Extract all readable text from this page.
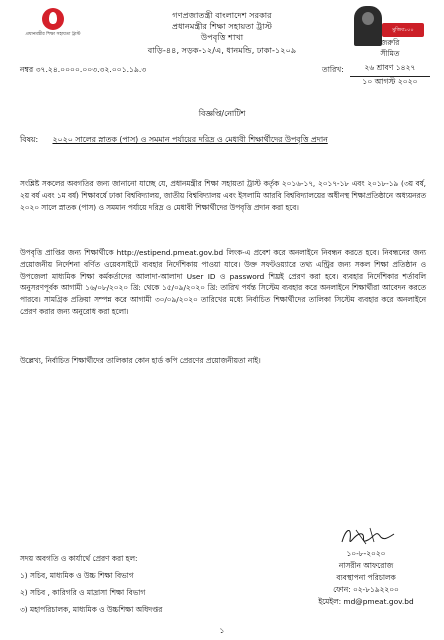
প্রধানমন্ত্রীর শিক্ষা সহায়তা ট্রাস্ট
মুজিব১০০
গণপ্রজাতন্ত্রী বাংলাদেশ সরকার
প্রধানমন্ত্রীর শিক্ষা সহায়তা ট্রাস্ট
উপবৃত্তি শাখা
বাড়ি-৪৪, সড়ক-১২/এ, ধানমন্ডি, ঢাকা-১২০৯
জরুরি
সীমিত
নম্বর ৩৭.২৪.০০০০.০০৩.৩২.০০১.১৯.৩	তারিখ:	২৬ শ্রাবণ ১৪২৭
১০ আগস্ট ২০২০
বিজ্ঞপ্তি/নোটিশ
বিষয়: ২০২০ সালের স্নাতক (পাস) ও সমমান পর্যায়ের দরিদ্র ও মেধাবী শিক্ষার্থীদের উপবৃত্তি প্রদান
সংশ্লিষ্ট সকলের অবগতির জন্য জানানো যাচ্ছে যে, প্রধানমন্ত্রীর শিক্ষা সহায়তা ট্রাস্ট কর্তৃক ২০১৬-১৭, ২০১৭-১৮ এবং ২০১৮-১৯ (৩য় বর্ষ, ২য় বর্ষ এবং ১ম বর্ষ) শিক্ষাবর্ষে ঢাকা বিশ্ববিদ্যালয়, জাতীয় বিশ্ববিদ্যালয় এবং ইসলামি আরবি বিশ্ববিদ্যালয়ের অধীনস্থ শিক্ষাপ্রতিষ্ঠানে অধ্যয়নরত ২০২০ সালে স্নাতক (পাস) ও সমমান পর্যায়ে দরিদ্র ও মেধাবী শিক্ষার্থীদের উপবৃত্তি প্রদান করা হবে।
উপবৃত্তি প্রাপ্তির জন্য শিক্ষার্থীকে http://estipend.pmeat.gov.bd লিংক-এ প্রবেশ করে অনলাইনে নিবন্ধন করতে হবে। নিবন্ধনের জন্য প্রয়োজনীয় নির্দেশনা বর্ণিত ওয়েবসাইটে ব্যবহার নির্দেশিকায় পাওয়া যাবে। উক্ত সফটওয়্যারে তথ্য এন্ট্রির জন্য সকল শিক্ষা প্রতিষ্ঠান ও উপজেলা মাধ্যমিক শিক্ষা কর্মকর্তাদের আলাদা-আলাদা User ID ও password শিঘ্রই প্রেরণ করা হবে। ব্যবহার নির্দেশিকার শর্তাবলি অনুসরণপূর্বক আগামী ১৬/০৮/২০২০ খ্রি: থেকে ১৫/০৯/২০২০ খ্রি: তারিখ পর্যন্ত সিস্টেম ব্যবহার করে অনলাইনে শিক্ষার্থীরা আবেদন করতে পারবে। সামগ্রিক প্রক্রিয়া সম্পন্ন করে আগামী ৩০/০৯/২০২০ তারিখের মধ্যে নির্বাচিত শিক্ষার্থীদের তালিকা সিস্টেম ব্যবহার করে অনলাইনে প্রেরণ করার জন্য অনুরোধ করা হলো।
উল্লেখ্য, নির্বাচিত শিক্ষার্থীদের তালিকার কোন হার্ড কপি প্রেরণের প্রয়োজনীয়তা নাই।
১০-৮-২০২০
নাসরীন আফরোজ
ব্যবস্থাপনা পরিচালক
ফোন: ০২-৮১৯২২০০
ইমেইল: md@pmeat.gov.bd
সদয় অবগতি ও কার্যার্থে প্রেরণ করা হল:
১) সচিব, মাধ্যমিক ও উচ্চ শিক্ষা বিভাগ
২) সচিব , কারিগরি ও মাদ্রাসা শিক্ষা বিভাগ
৩) মহাপরিচালক, মাধ্যমিক ও উচ্চশিক্ষা অধিদপ্তর
১
